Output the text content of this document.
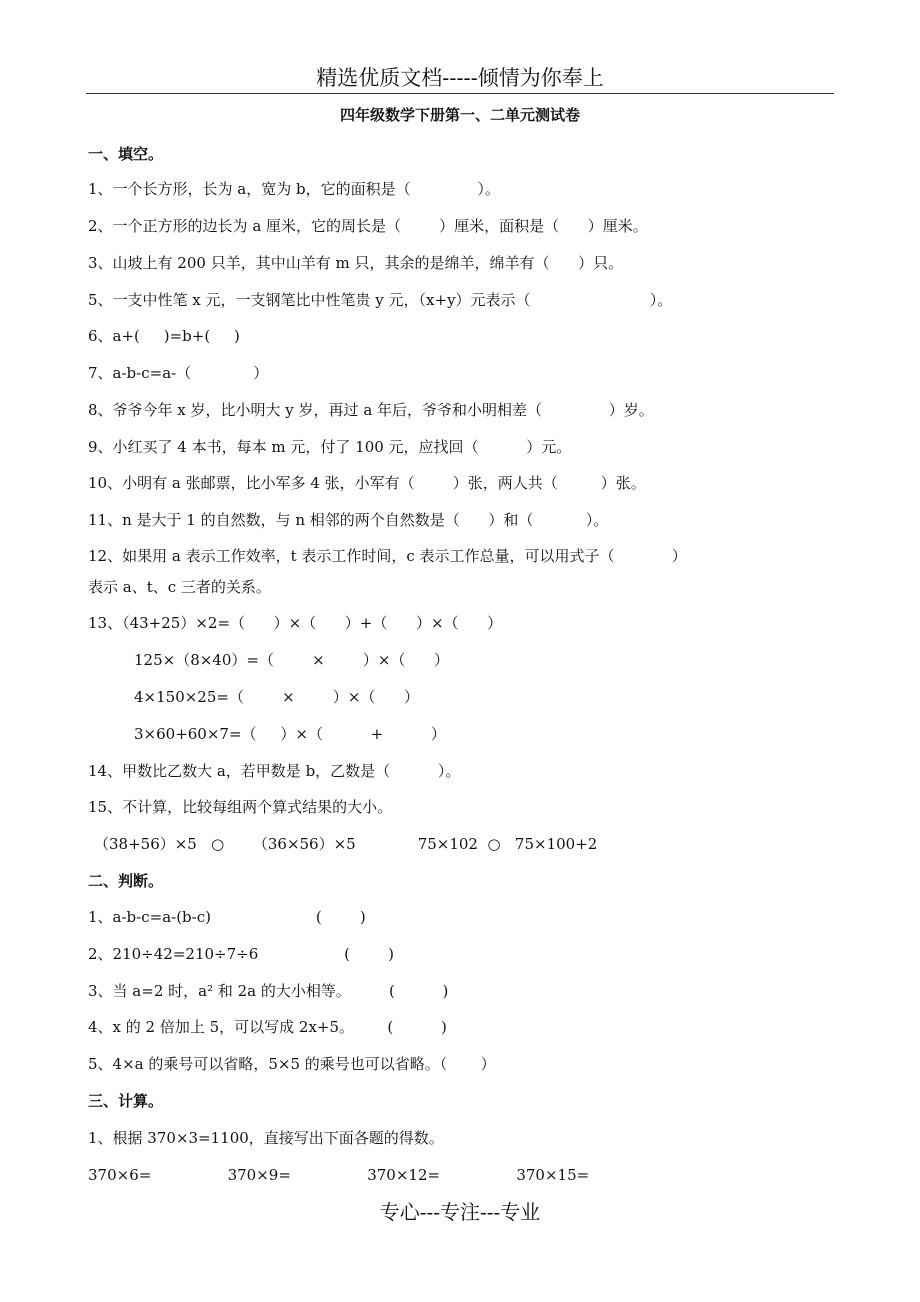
精选优质文档-----倾情为你奉上
四年级数学下册第一、二单元测试卷
一、填空。
1、一个长方形，长为 a，宽为 b，它的面积是（              ）。
2、一个正方形的边长为 a 厘米，它的周长是（        ）厘米，面积是（      ）厘米。
3、山坡上有 200 只羊，其中山羊有 m 只，其余的是绵羊，绵羊有（      ）只。
5、一支中性笔 x 元，一支钢笔比中性笔贵 y 元，（x+y）元表示（                         ）。
6、a+(     )=b+(     )
7、a-b-c=a-（             ）
8、爷爷今年 x 岁，比小明大 y 岁，再过 a 年后，爷爷和小明相差（              ）岁。
9、小红买了 4 本书，每本 m 元，付了 100 元，应找回（          ）元。
10、小明有 a 张邮票，比小军多 4 张，小军有（        ）张，两人共（         ）张。
11、n 是大于 1 的自然数，与 n 相邻的两个自然数是（      ）和（           ）。
12、如果用 a 表示工作效率，t 表示工作时间，c 表示工作总量，可以用式子（            ）
表示 a、t、c 三者的关系。
13、（43+25）×2=（      ）×（      ）+（      ）×（      ）
125×（8×40）=（        ×        ）×（      ）
4×150×25=（        ×        ）×（      ）
3×60+60×7=（     ）×（          +          ）
14、甲数比乙数大 a，若甲数是 b，乙数是（          ）。
15、不计算，比较每组两个算式结果的大小。
（38+56）×5   ○      （36×56）×5             75×102  ○   75×100+2
二、判断。
1、a-b-c=a-(b-c)                      (        )
2、210÷42=210÷7÷6                  (        )
3、当 a=2 时，a² 和 2a 的大小相等。        (          )
4、x 的 2 倍加上 5，可以写成 2x+5。       (          )
5、4×a 的乘号可以省略，5×5 的乘号也可以省略。（       ）
三、计算。
1、根据 370×3=1100，直接写出下面各题的得数。
370×6=                370×9=                370×12=                370×15=
专心---专注---专业
